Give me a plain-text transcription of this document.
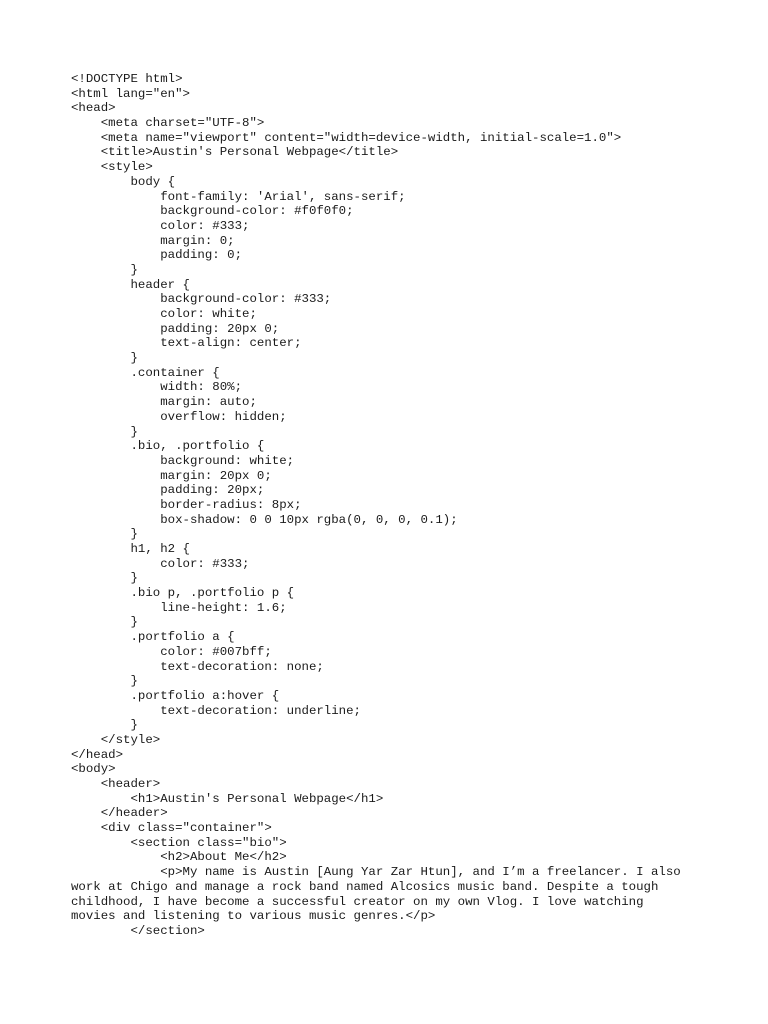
<!DOCTYPE html>
<html lang="en">
<head>
<meta charset="UTF-8">
<meta name="viewport" content="width=device-width, initial-scale=1.0">
<title>Austin's Personal Webpage</title>
<style>
body {
font-family: 'Arial', sans-serif;
background-color: #f0f0f0;
color: #333;
margin: 0;
padding: 0;
}
header {
background-color: #333;
color: white;
padding: 20px 0;
text-align: center;
}
.container {
width: 80%;
margin: auto;
overflow: hidden;
}
.bio, .portfolio {
background: white;
margin: 20px 0;
padding: 20px;
border-radius: 8px;
box-shadow: 0 0 10px rgba(0, 0, 0, 0.1);
}
h1, h2 {
color: #333;
}
.bio p, .portfolio p {
line-height: 1.6;
}
.portfolio a {
color: #007bff;
text-decoration: none;
}
.portfolio a:hover {
text-decoration: underline;
}
</style>
</head>
<body>
<header>
<h1>Austin's Personal Webpage</h1>
</header>
<div class="container">
<section class="bio">
<h2>About Me</h2>
<p>My name is Austin [Aung Yar Zar Htun], and I’m a freelancer. I also
work at Chigo and manage a rock band named Alcosics music band. Despite a tough
childhood, I have become a successful creator on my own Vlog. I love watching
movies and listening to various music genres.</p>
</section>
